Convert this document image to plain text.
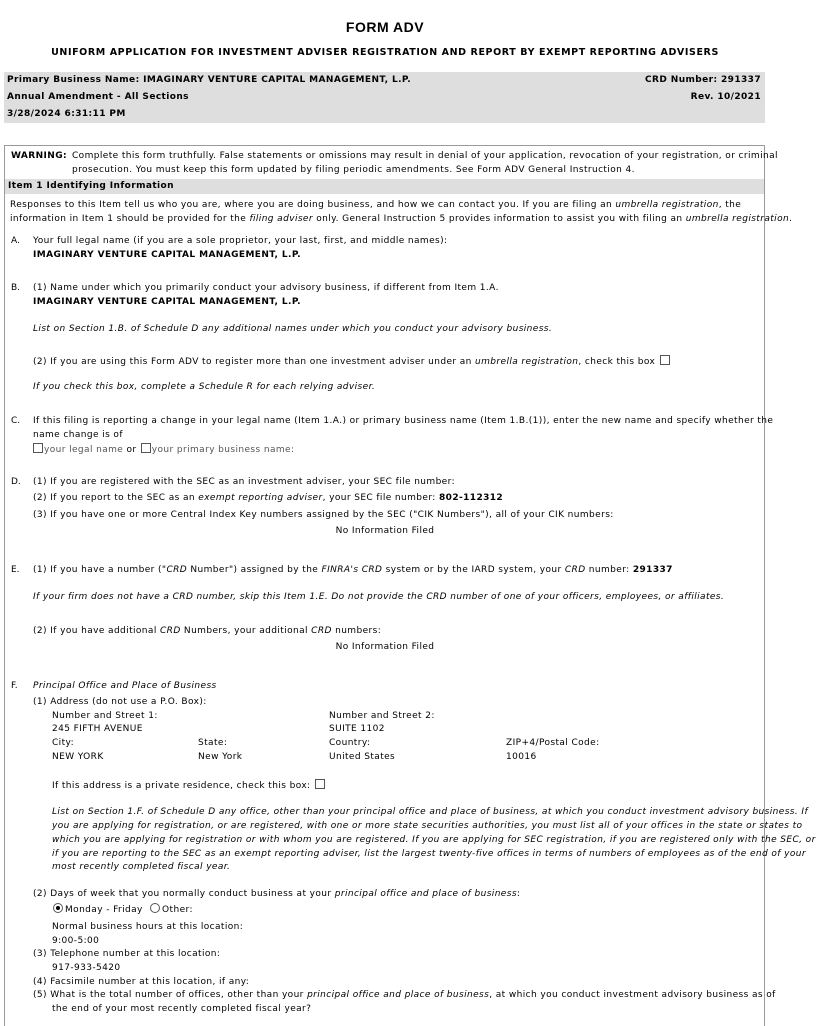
FORM ADV
UNIFORM APPLICATION FOR INVESTMENT ADVISER REGISTRATION AND REPORT BY EXEMPT REPORTING ADVISERS
Primary Business Name: IMAGINARY VENTURE CAPITAL MANAGEMENT, L.P.	CRD Number: 291337
Annual Amendment - All Sections	Rev. 10/2021
3/28/2024 6:31:11 PM
WARNING: Complete this form truthfully. False statements or omissions may result in denial of your application, revocation of your registration, or criminal
prosecution. You must keep this form updated by filing periodic amendments. See Form ADV General Instruction 4.
Item 1 Identifying Information
Responses to this Item tell us who you are, where you are doing business, and how we can contact you. If you are filing an umbrella registration, the
information in Item 1 should be provided for the filing adviser only. General Instruction 5 provides information to assist you with filing an umbrella registration.
A. Your full legal name (if you are a sole proprietor, your last, first, and middle names):
IMAGINARY VENTURE CAPITAL MANAGEMENT, L.P.
B. (1) Name under which you primarily conduct your advisory business, if different from Item 1.A.
IMAGINARY VENTURE CAPITAL MANAGEMENT, L.P.
List on Section 1.B. of Schedule D any additional names under which you conduct your advisory business.
(2) If you are using this Form ADV to register more than one investment adviser under an umbrella registration, check this box
If you check this box, complete a Schedule R for each relying adviser.
C. If this filing is reporting a change in your legal name (Item 1.A.) or primary business name (Item 1.B.(1)), enter the new name and specify whether the
name change is of
your legal name or your primary business name:
D. (1) If you are registered with the SEC as an investment adviser, your SEC file number:
(2) If you report to the SEC as an exempt reporting adviser, your SEC file number: 802-112312
(3) If you have one or more Central Index Key numbers assigned by the SEC ("CIK Numbers"), all of your CIK numbers:
No Information Filed
E. (1) If you have a number ("CRD Number") assigned by the FINRA's CRD system or by the IARD system, your CRD number: 291337
If your firm does not have a CRD number, skip this Item 1.E. Do not provide the CRD number of one of your officers, employees, or affiliates.
(2) If you have additional CRD Numbers, your additional CRD numbers:
No Information Filed
F. Principal Office and Place of Business
(1) Address (do not use a P.O. Box):
Number and Street 1:	Number and Street 2:
245 FIFTH AVENUE	SUITE 1102
City:	State:	Country:	ZIP+4/Postal Code:
NEW YORK	New York	United States	10016
If this address is a private residence, check this box:
List on Section 1.F. of Schedule D any office, other than your principal office and place of business, at which you conduct investment advisory business. If
you are applying for registration, or are registered, with one or more state securities authorities, you must list all of your offices in the state or states to
which you are applying for registration or with whom you are registered. If you are applying for SEC registration, if you are registered only with the SEC, or
if you are reporting to the SEC as an exempt reporting adviser, list the largest twenty-five offices in terms of numbers of employees as of the end of your
most recently completed fiscal year.
(2) Days of week that you normally conduct business at your principal office and place of business:
Monday - Friday Other:
Normal business hours at this location:
9:00-5:00
(3) Telephone number at this location:
917-933-5420
(4) Facsimile number at this location, if any:
(5) What is the total number of offices, other than your principal office and place of business, at which you conduct investment advisory business as of
the end of your most recently completed fiscal year?
